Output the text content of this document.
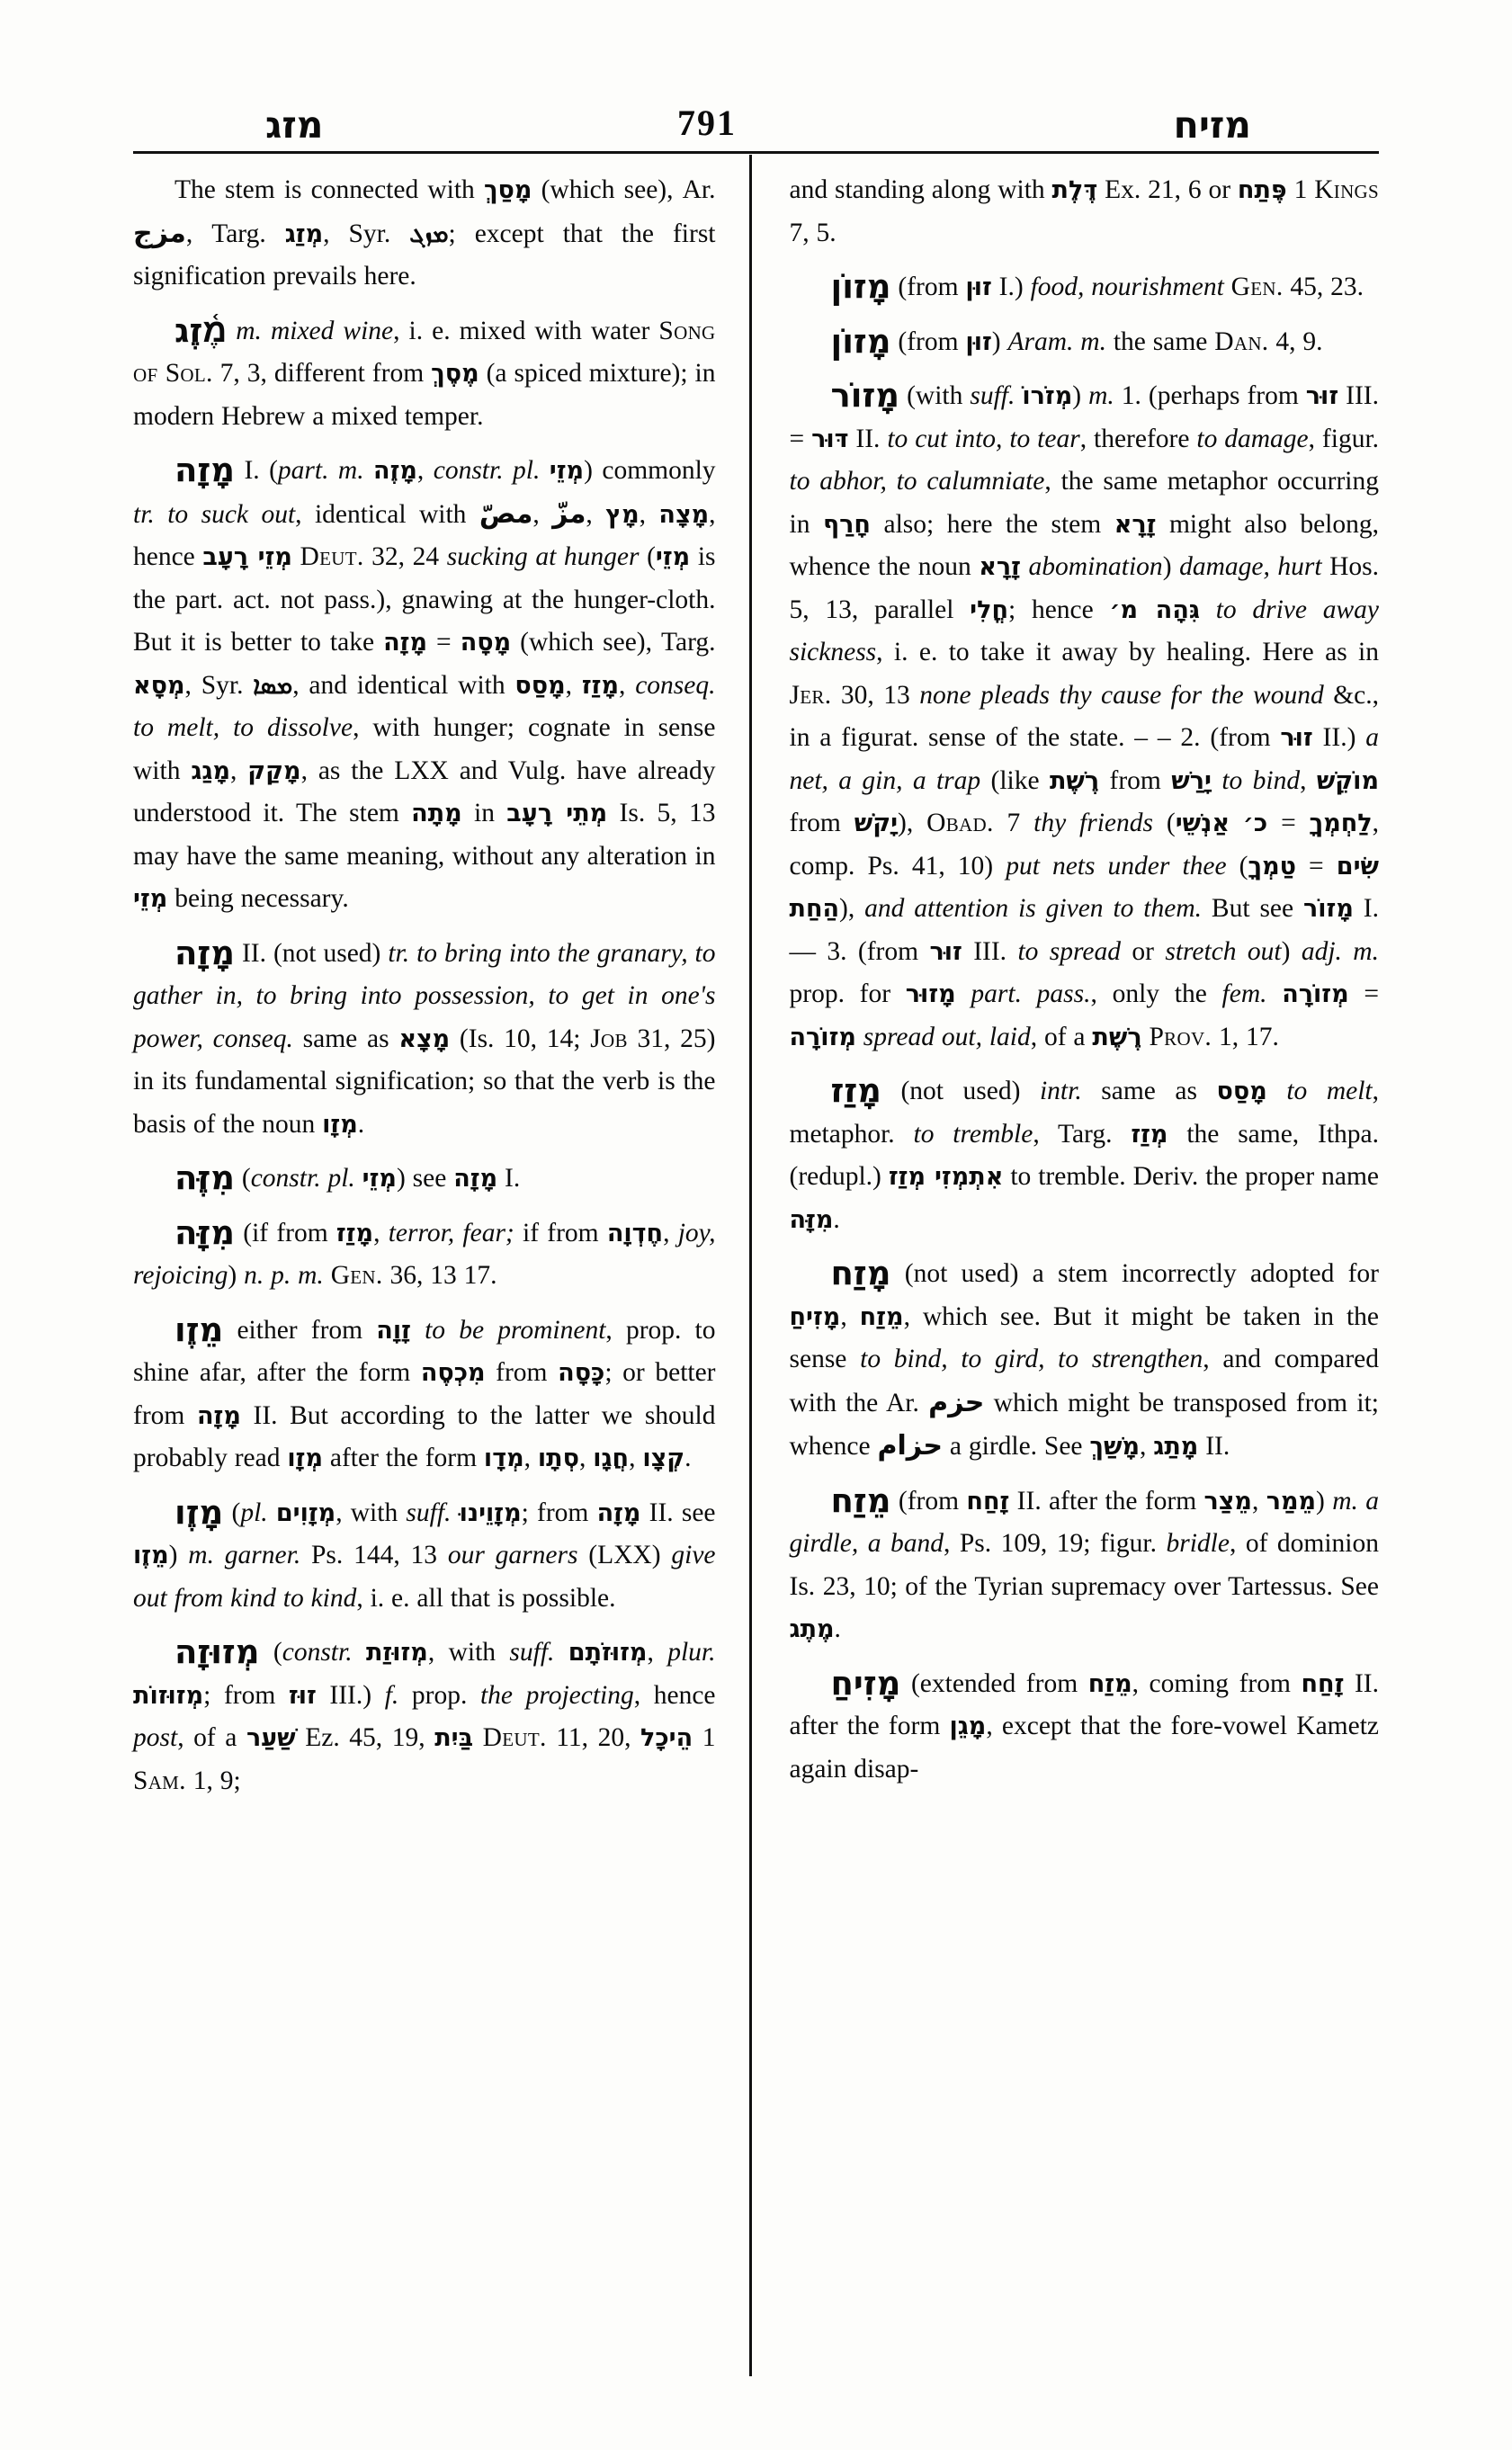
מזג	791	מזיח

The stem is connected with מָסַךְ (which see), Ar. مزج, Targ. מְזַג, Syr. ܡܙܓ; except that the first signification prevails here.

מֶ֫זֶג m. mixed wine, i. e. mixed with water Song of Sol. 7, 3, different from מֶסֶךְ (a spiced mixture); in modern Hebrew a mixed temper.

מָזָה I. (part. m. מָזֶה, constr. pl. מְזֵי) commonly tr. to suck out, identical with مصّ, مزّ, מָץ, מָצָה, hence מְזֵי רָעָב Deut. 32, 24 sucking at hunger (מְזֵי is the part. act. not pass.), gnawing at the hunger-cloth. But it is better to take מָזָה = מָסָה (which see), Targ. מְסָא, Syr. ܡܣܐ, and identical with מָסַס, מָזַז, conseq. to melt, to dissolve, with hunger; cognate in sense with מָגַג, מָקַק, as the LXX and Vulg. have already understood it. The stem מָתָה in מְתֵי רָעָב Is. 5, 13 may have the same meaning, without any alteration in מְזֵי being necessary.

מָזָה II. (not used) tr. to bring into the granary, to gather in, to bring into possession, to get in one's power, conseq. same as מָצָא (Is. 10, 14; Job 31, 25) in its fundamental signification; so that the verb is the basis of the noun מְזָו.

מִזֶּה (constr. pl. מְזֵי) see מָזָה I.

מִזָּה (if from מָזַז, terror, fear; if from חֶדְוָה, joy, rejoicing) n. p. m. Gen. 36, 13 17.

מֵזֶו either from זָוָה to be prominent, prop. to shine afar, after the form מִכְסֶה from כָּסָה; or better from מָזָה II. But according to the latter we should probably read מְזָו after the form מְדָו, סְתָו, חֲגָו, קְצָו.

מָזֶו (pl. מְזָוִים, with suff. מְזָוֵינוּ; from מָזָה II. see מֵזֶו) m. garner. Ps. 144, 13 our garners (LXX) give out from kind to kind, i. e. all that is possible.

מְזוּזָה (constr. מְזוּזַת, with suff. מְזוּזֹתָם, plur. מְזוּזוֹת; from זוּז III.) f. prop. the projecting, hence post, of a שַׁעַר Ez. 45, 19, בַּיִת Deut. 11, 20, הֵיכָל 1 Sam. 1, 9;

and standing along with דֶּלֶת Ex. 21, 6 or פֶּתַח 1 Kings 7, 5.

מָזוֹן (from זוּן I.) food, nourishment Gen. 45, 23.

מָזוֹן (from זוּן) Aram. m. the same Dan. 4, 9.

מָזוֹר (with suff. מְזֹרוֹ) m. 1. (perhaps from זוּר III. = דּוּר II. to cut into, to tear, therefore to damage, figur. to abhor, to calumniate, the same metaphor occurring in חָרַף also; here the stem זָרָא might also belong, whence the noun זָרָא abomination) damage, hurt Hos. 5, 13, parallel חֳלִי; hence גִּהָה מ׳ to drive away sickness, i. e. to take it away by healing. Here as in Jer. 30, 13 none pleads thy cause for the wound &c., in a figurat. sense of the state. – – 2. (from זוּר II.) a net, a gin, a trap (like רֶשֶׁת from יָרַשׁ to bind, מוֹקֵשׁ from יָקֹשׁ), Obad. 7 thy friends (אַנְשֵׁי כ׳ = לַחְמְךָ, comp. Ps. 41, 10) put nets under thee (טַמְךָ = שִׂים הַחַת), and attention is given to them. But see מָזוֹר I. — 3. (from זוּר III. to spread or stretch out) adj. m. prop. for מָזוּר part. pass., only the fem. מְזוֹרָה = מְזוֹרָה spread out, laid, of a רֶשֶׁת Prov. 1, 17.

מָזַז (not used) intr. same as מָסַס to melt, metaphor. to tremble, Targ. מְזַז the same, Ithpa. (redupl.) אִתְמְזִי מְזַז to tremble. Deriv. the proper name מִזָּה.

מָזַח (not used) a stem incorrectly adopted for מָזִיחַ, מֵזַח, which see. But it might be taken in the sense to bind, to gird, to strengthen, and compared with the Ar. حزم which might be transposed from it; whence حزام a girdle. See מָשַׁךְ, מָתַג II.

מֵזַח (from זָחַח II. after the form מֵצַר, מֵמַר) m. a girdle, a band, Ps. 109, 19; figur. bridle, of dominion Is. 23, 10; of the Tyrian supremacy over Tartessus. See מֶתֶג.

מָזִיחַ (extended from מֵזַח, coming from זָחַח II. after the form מָגֵן, except that the fore-vowel Kametz again disap-
